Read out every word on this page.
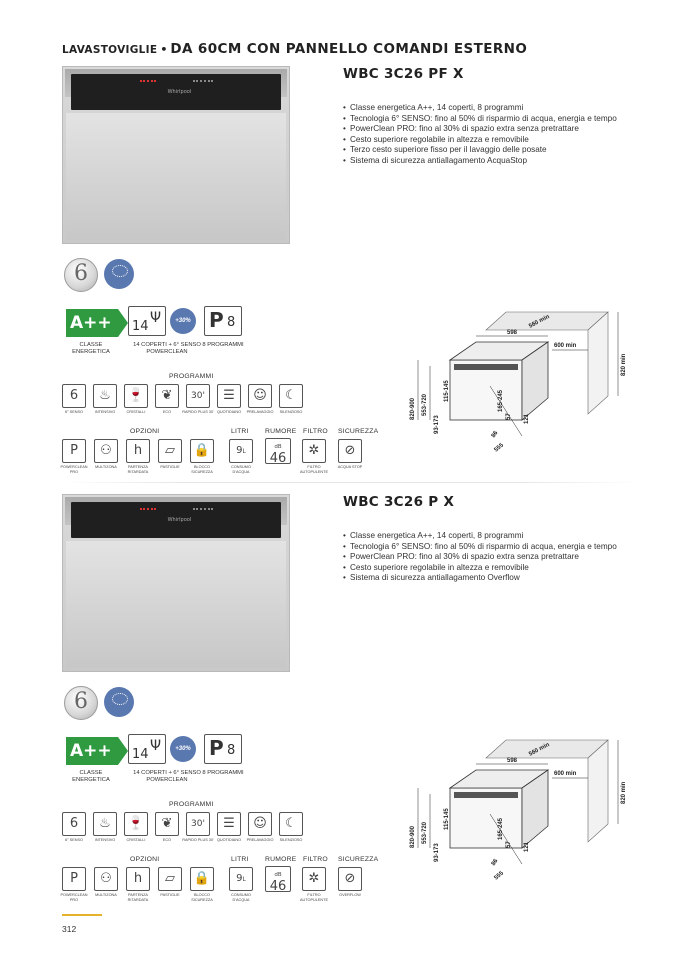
LAVASTOVIGLIE • DA 60CM CON PANNELLO COMANDI ESTERNO
Whirlpool
6
A++	14
Ψ	+30% P 8
CLASSE ENERGETICA
14 COPERTI + 6° SENSO POWERCLEAN
8 PROGRAMMI
PROGRAMMI
6
6° SENSO
♨
INTENSIVO
🍷
CRISTALLI
❦
ECO
30'
RAPIDO PLUS 30'
☰
QUOTIDIANO
☺
PRELAVAGGIO
☾
SILENZIOSO
OPZIONI	LITRI RUMORE FILTRO SICUREZZA
P
POWERCLEAN PRO
⚇
MULTIZONA
h
PARTENZA RITARDATA
▱
PASTIGLIE
🔒
BLOCCO SICUREZZA
9L
CONSUMO D'ACQUA
dB
46
✲
FILTRO AUTOPULENTE
⊘
ACQUA STOP
WBC 3C26 PF X
• Classe energetica A++, 14 coperti, 8 programmi
• Tecnologia 6° SENSO: fino al 50% di risparmio di acqua, energia e tempo
• PowerClean PRO: fino al 30% di spazio extra senza pretrattare
• Cesto superiore regolabile in altezza e removibile
• Terzo cesto superiore fisso per il lavaggio delle posate
• Sistema di sicurezza antiallagamento AcquaStop
598
560 min
600 min
820 min
820-900 553-720
115-145
93-173
165-245
57 121
86
555
Whirlpool
6
A++	14
Ψ	+30% P 8
CLASSE ENERGETICA
14 COPERTI + 6° SENSO POWERCLEAN
8 PROGRAMMI
PROGRAMMI
6
6° SENSO
♨
INTENSIVO
🍷
CRISTALLI
❦
ECO
30'
RAPIDO PLUS 30'
☰
QUOTIDIANO
☺
PRELAVAGGIO
☾
SILENZIOSO
OPZIONI	LITRI RUMORE FILTRO SICUREZZA
P
POWERCLEAN PRO
⚇
MULTIZONA
h
PARTENZA RITARDATA
▱
PASTIGLIE
🔒
BLOCCO SICUREZZA
9L
CONSUMO D'ACQUA
dB
46
✲
FILTRO AUTOPULENTE
⊘
OVERFLOW
WBC 3C26 P X
• Classe energetica A++, 14 coperti, 8 programmi
• Tecnologia 6° SENSO: fino al 50% di risparmio di acqua, energia e tempo
• PowerClean PRO: fino al 30% di spazio extra senza pretrattare
• Cesto superiore regolabile in altezza e removibile
• Sistema di sicurezza antiallagamento Overflow
598
560 min
600 min
820 min
820-900 553-720
115-145
93-173
165-245
57 121
86
555
312
